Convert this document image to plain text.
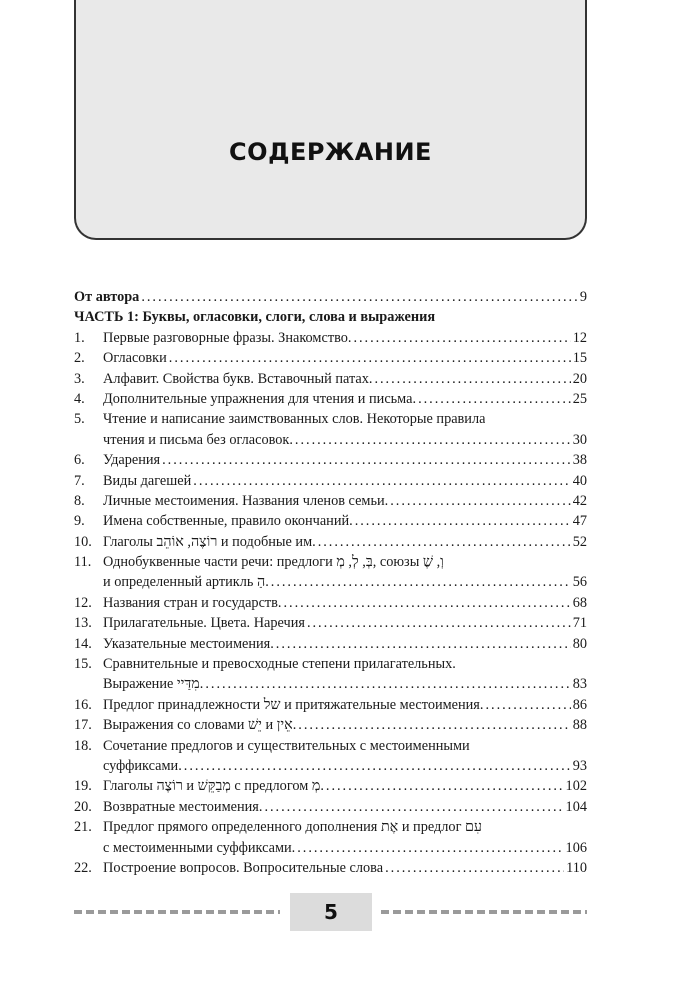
СОДЕРЖАНИЕ
От автора . . .	9
ЧАСТЬ 1: Буквы, огласовки, слоги, слова и выражения
1.	Первые разговорные фразы. Знакомство. . . .	12
2.	Огласовки . . .	15
3.	Алфавит. Свойства букв. Вставочный патах. . . .	20
4.	Дополнительные упражнения для чтения и письма. . . .	25
5.	Чтение и написание заимствованных слов. Некоторые правила
чтения и письма без огласовок. . . .	30
6.	Ударения . . .	38
7.	Виды дагешей . . .	40
8.	Личные местоимения. Названия членов семьи. . . .	42
9.	Имена собственные, правило окончаний. . . .	47
10. Глаголы רוֹצֶה, אוֹהֵב и подобные им. . . .	52
11. Однобуквенные части речи: предлоги בְּ, לְ, מְ, союзы וְ, שֶׁ
и определенный артикль הַ. . . .	56
12. Названия стран и государств. . . .	68
13. Прилагательные. Цвета. Наречия . . .	71
14. Указательные местоимения. . . .	80
15. Сравнительные и превосходные степени прилагательных.
Выражение מִדַּיי. . . .	83
16. Предлог принадлежности של и притяжательные местоимения. . . .	86
17. Выражения со словами יֵשׁ и אֵין. . . .	88
18. Сочетание предлогов и существительных с местоименными
суффиксами. . . .	93
19. Глаголы רוֹצֶה и מְבַקֵּשׁ с предлогом מְ. . . .	102
20. Возвратные местоимения. . . .	104
21. Предлог прямого определенного дополнения אֶת и предлог עִם
с местоименными суффиксами. . . .	106
22. Построение вопросов. Вопросительные слова . . .	110
5
